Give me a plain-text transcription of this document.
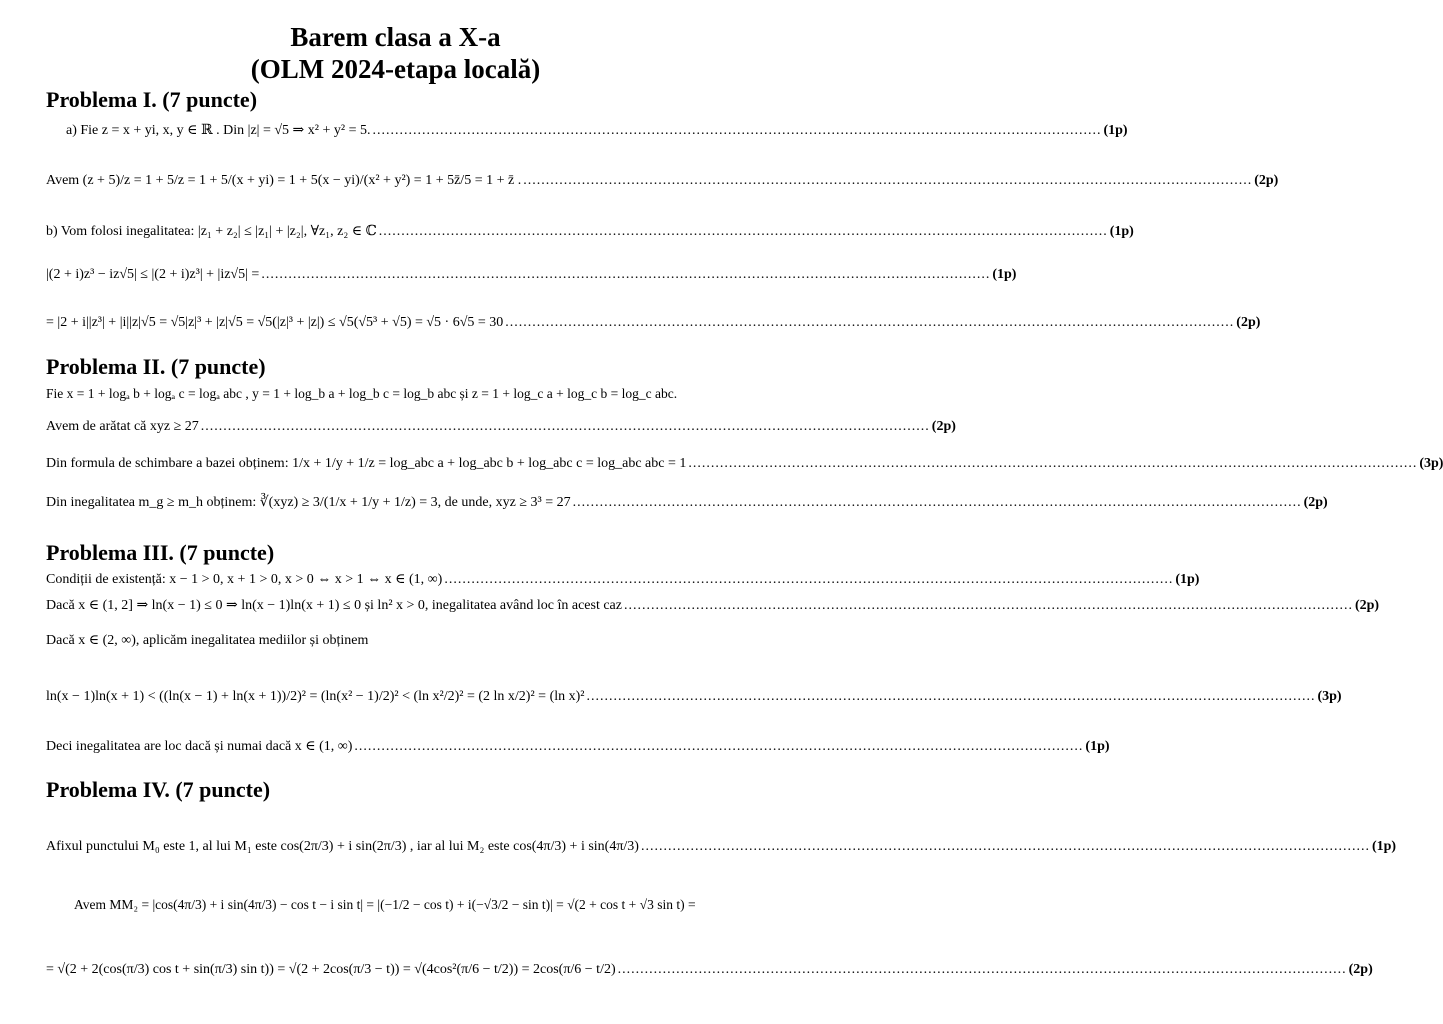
Barem clasa a X-a
(OLM 2024-etapa locală)
Problema I. (7 puncte)
a) Fie z = x + yi, x, y ∈ ℝ . Din |z| = √5 ⇒ x² + y² = 5. .................................................................................................................................................................. (1p)
Avem (z + 5)/z = 1 + 5/z = 1 + 5/(x + yi) = 1 + 5(x − yi)/(x² + y²) = 1 + 5z̄/5 = 1 + z̄ . .................................................................................................................................................................. (2p)
b) Vom folosi inegalitatea: |z₁ + z₂| ≤ |z₁| + |z₂|, ∀z₁, z₂ ∈ ℂ .................................................................................................................................................................. (1p)
|(2 + i)z³ − iz√5| ≤ |(2 + i)z³| + |iz√5| = .................................................................................................................................................................. (1p)
= |2 + i||z³| + |i||z|√5 = √5|z|³ + |z|√5 = √5(|z|³ + |z|) ≤ √5(√5³ + √5) = √5 · 6√5 = 30 .................................................................................................................................................................. (2p)
Problema II. (7 puncte)
Fie x = 1 + logₐ b + logₐ c = logₐ abc , y = 1 + log_b a + log_b c = log_b abc și z = 1 + log_c a + log_c b = log_c abc.
Avem de arătat că xyz ≥ 27 .................................................................................................................................................................. (2p)
Din formula de schimbare a bazei obținem: 1/x + 1/y + 1/z = log_abc a + log_abc b + log_abc c = log_abc abc = 1 .................................................................................................................................................................. (3p)
Din inegalitatea m_g ≥ m_h obținem: ∛(xyz) ≥ 3/(1/x + 1/y + 1/z) = 3, de unde, xyz ≥ 3³ = 27 .................................................................................................................................................................. (2p)
Problema III. (7 puncte)
Condiții de existență: x − 1 > 0, x + 1 > 0, x > 0 ⇔ x > 1 ⇔ x ∈ (1, ∞) .................................................................................................................................................................. (1p)
Dacă x ∈ (1, 2] ⇒ ln(x − 1) ≤ 0 ⇒ ln(x − 1)ln(x + 1) ≤ 0 și ln² x > 0, inegalitatea având loc în acest caz .................................................................................................................................................................. (2p)
Dacă x ∈ (2, ∞), aplicăm inegalitatea mediilor și obținem
ln(x − 1)ln(x + 1) < ((ln(x − 1) + ln(x + 1))/2)² = (ln(x² − 1)/2)² < (ln x²/2)² = (2 ln x/2)² = (ln x)² .................................................................................................................................................................. (3p)
Deci inegalitatea are loc dacă și numai dacă x ∈ (1, ∞) .................................................................................................................................................................. (1p)
Problema IV. (7 puncte)
Afixul punctului M₀ este 1, al lui M₁ este cos(2π/3) + i sin(2π/3) , iar al lui M₂ este cos(4π/3) + i sin(4π/3) .................................................................................................................................................................. (1p)
Avem MM₂ = |cos(4π/3) + i sin(4π/3) − cos t − i sin t| = |(−1/2 − cos t) + i(−√3/2 − sin t)| = √(2 + cos t + √3 sin t) =
= √(2 + 2(cos(π/3) cos t + sin(π/3) sin t)) = √(2 + 2cos(π/3 − t)) = √(4cos²(π/6 − t/2)) = 2cos(π/6 − t/2) .................................................................................................................................................................. (2p)
